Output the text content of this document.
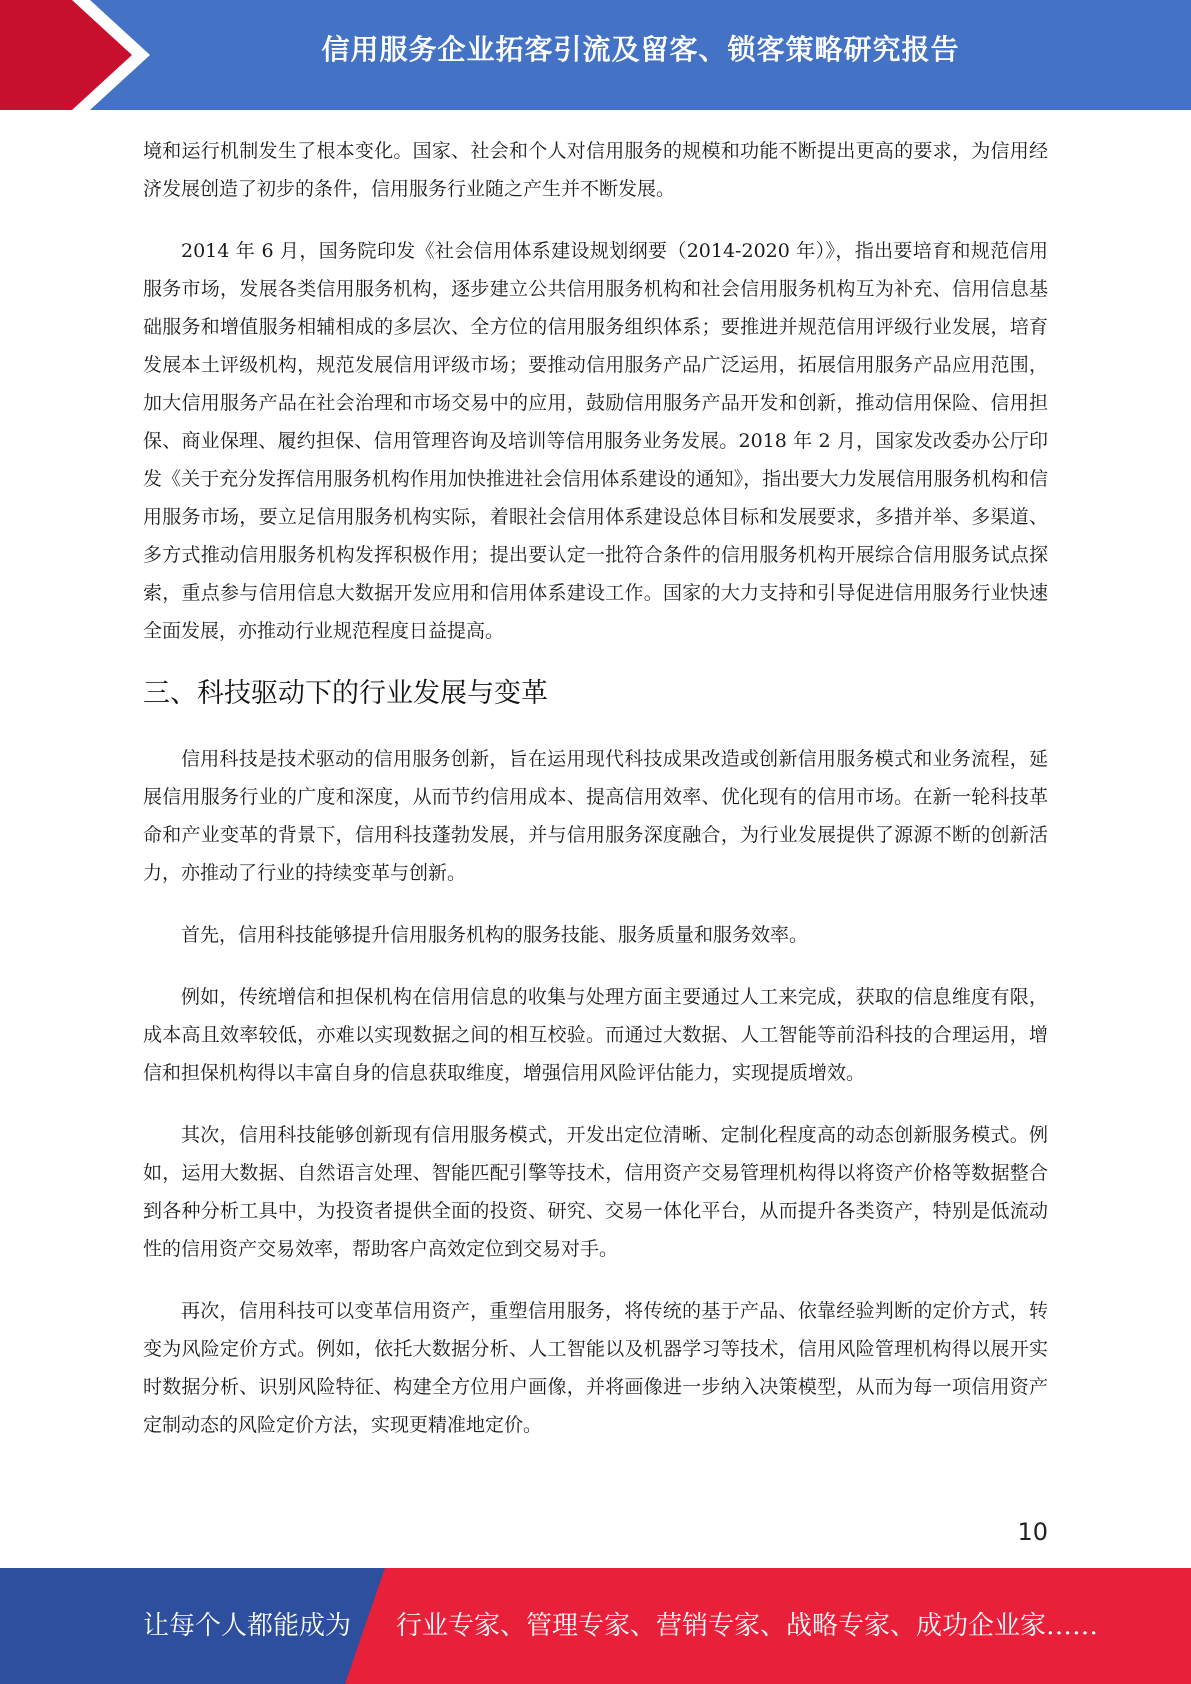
信用服务企业拓客引流及留客、锁客策略研究报告

境和运行机制发生了根本变化。国家、社会和个人对信用服务的规模和功能不断提出更高的要求，为信用经济发展创造了初步的条件，信用服务行业随之产生并不断发展。

2014 年 6 月，国务院印发《社会信用体系建设规划纲要（2014-2020 年）》，指出要培育和规范信用服务市场，发展各类信用服务机构，逐步建立公共信用服务机构和社会信用服务机构互为补充、信用信息基础服务和增值服务相辅相成的多层次、全方位的信用服务组织体系；要推进并规范信用评级行业发展，培育发展本土评级机构，规范发展信用评级市场；要推动信用服务产品广泛运用，拓展信用服务产品应用范围，加大信用服务产品在社会治理和市场交易中的应用，鼓励信用服务产品开发和创新，推动信用保险、信用担保、商业保理、履约担保、信用管理咨询及培训等信用服务业务发展。2018 年 2 月，国家发改委办公厅印发《关于充分发挥信用服务机构作用加快推进社会信用体系建设的通知》，指出要大力发展信用服务机构和信用服务市场，要立足信用服务机构实际，着眼社会信用体系建设总体目标和发展要求，多措并举、多渠道、多方式推动信用服务机构发挥积极作用；提出要认定一批符合条件的信用服务机构开展综合信用服务试点探索，重点参与信用信息大数据开发应用和信用体系建设工作。国家的大力支持和引导促进信用服务行业快速全面发展，亦推动行业规范程度日益提高。

三、科技驱动下的行业发展与变革

信用科技是技术驱动的信用服务创新，旨在运用现代科技成果改造或创新信用服务模式和业务流程，延展信用服务行业的广度和深度，从而节约信用成本、提高信用效率、优化现有的信用市场。在新一轮科技革命和产业变革的背景下，信用科技蓬勃发展，并与信用服务深度融合，为行业发展提供了源源不断的创新活力，亦推动了行业的持续变革与创新。

首先，信用科技能够提升信用服务机构的服务技能、服务质量和服务效率。

例如，传统增信和担保机构在信用信息的收集与处理方面主要通过人工来完成，获取的信息维度有限，成本高且效率较低，亦难以实现数据之间的相互校验。而通过大数据、人工智能等前沿科技的合理运用，增信和担保机构得以丰富自身的信息获取维度，增强信用风险评估能力，实现提质增效。

其次，信用科技能够创新现有信用服务模式，开发出定位清晰、定制化程度高的动态创新服务模式。例如，运用大数据、自然语言处理、智能匹配引擎等技术，信用资产交易管理机构得以将资产价格等数据整合到各种分析工具中，为投资者提供全面的投资、研究、交易一体化平台，从而提升各类资产，特别是低流动性的信用资产交易效率，帮助客户高效定位到交易对手。

再次，信用科技可以变革信用资产，重塑信用服务，将传统的基于产品、依靠经验判断的定价方式，转变为风险定价方式。例如，依托大数据分析、人工智能以及机器学习等技术，信用风险管理机构得以展开实时数据分析、识别风险特征、构建全方位用户画像，并将画像进一步纳入决策模型，从而为每一项信用资产定制动态的风险定价方法，实现更精准地定价。

10
让每个人都能成为 行业专家、管理专家、营销专家、战略专家、成功企业家……
